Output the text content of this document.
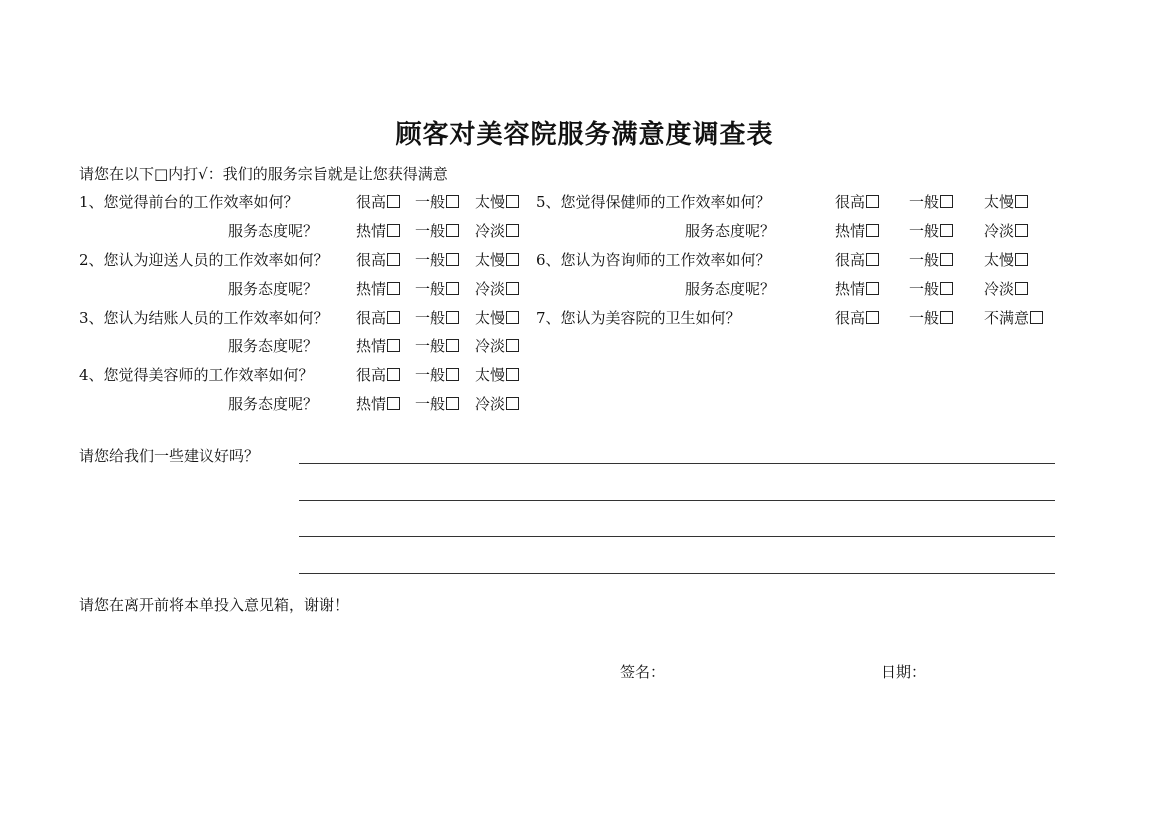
顾客对美容院服务满意度调查表
请您在以下□内打√：我们的服务宗旨就是让您获得满意
1、您觉得前台的工作效率如何？	很高	一般	太慢
服务态度呢？	热情	一般	冷淡
2、您认为迎送人员的工作效率如何？ 很高	一般	太慢
服务态度呢？	热情	一般	冷淡
3、您认为结账人员的工作效率如何？ 很高	一般	太慢
服务态度呢？	热情	一般	冷淡
4、您觉得美容师的工作效率如何？	很高	一般	太慢
服务态度呢？	热情	一般	冷淡
5、您觉得保健师的工作效率如何？	很高	一般	太慢
服务态度呢？	热情	一般	冷淡
6、您认为咨询师的工作效率如何？	很高	一般	太慢
服务态度呢？	热情	一般	冷淡
7、您认为美容院的卫生如何？	很高	一般	不满意
请您给我们一些建议好吗？
请您在离开前将本单投入意见箱，谢谢！
签名：	日期：
